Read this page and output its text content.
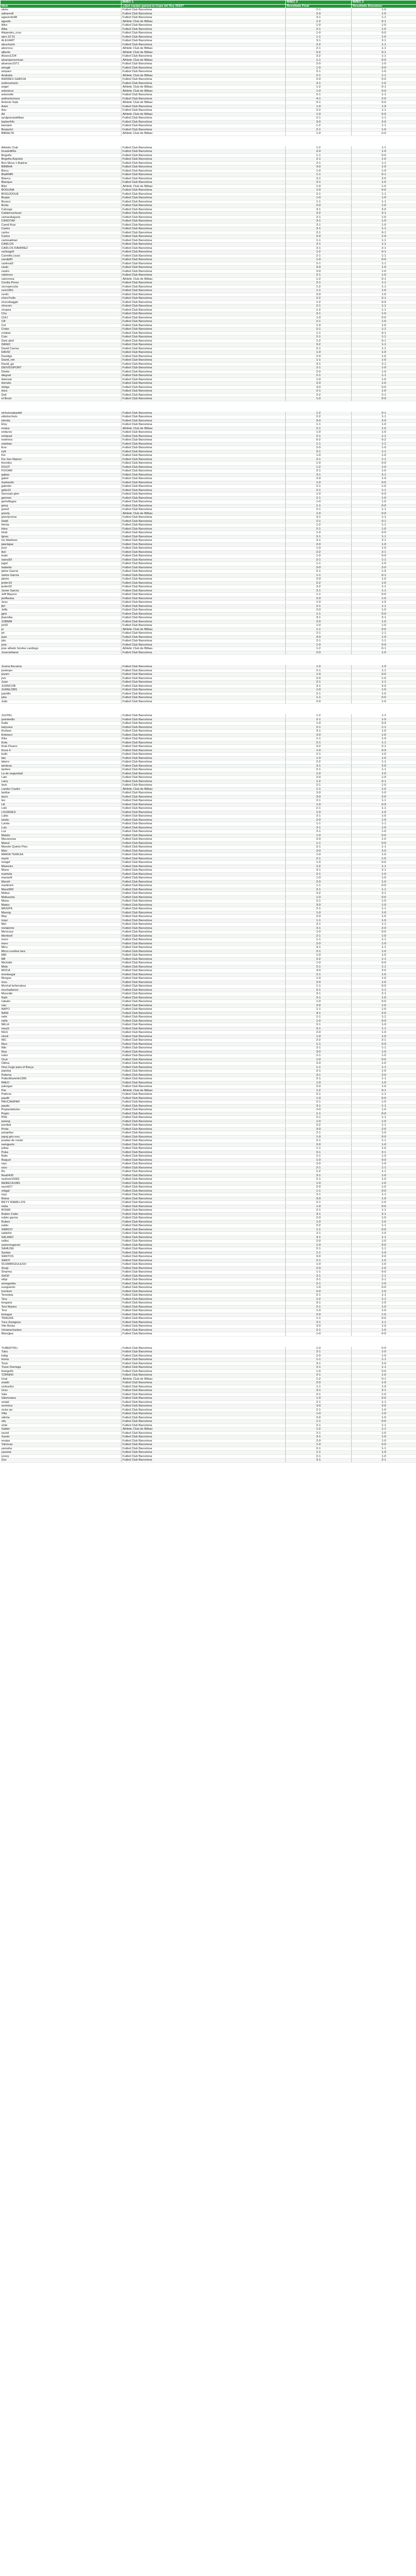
	ВИЕС 1	ВИЕС 2	ВИЕС 3
Nick	¿Qué equipo ganará la Copa del Rey 2023?	Resultado Final	Resultado Descanso
aleks	Futbol Club Barcelona	2-1	1-0
adrianroll	Futbol Club Barcelona	2-0	1-0
agaverde98	Futbol Club Barcelona	3-1	1-1
agusdc	Athletic Club de Bilbao	1-2	0-1
Aitor	Futbol Club Barcelona	1-0	1-0
Alba	Futbol Club Barcelona	2-1	1-0
Alejandro_cruz	Futbol Club Barcelona	1-0	0-0
alex 22 01	Futbol Club Barcelona	1-1	1-0
ALEXART	Futbol Club Barcelona	3-1	2-1
alexcharlo	Futbol Club Barcelona	2-2	1-1
alexroca	Athletic Club de Bilbao	2-1	1-1
alberto	Athletic Club de Bilbao	0-2	0-1
Alvaro1234	Futbol Club Barcelona	3-2	1-1
alvaroperezrivas	Athletic Club de Bilbao	1-1	0-0
alvaross1971	Futbol Club Barcelona	2-0	1-0
amagit	Futbol Club Barcelona	1-0	0-0
amparo	Futbol Club Barcelona	2-1	1-0
Andreita	Athletic Club de Bilbao	2-1	1-1
ANDRES GARCIA	Futbol Club Barcelona	2-0	0-0
andreumarin	Futbol Club Barcelona	3-1	1-0
angel	Athletic Club de Bilbao	1-2	0-1
antoniros	Athletic Club de Bilbao	1-0	0-0
antonolle	Futbol Club Barcelona	2-1	1-1
anthonioroura	Futbol Club Barcelona	4-1	2-0
Antonio Sala	Athletic Club de Bilbao	0-1	0-0
Asier	Futbol Club Barcelona	1-0	1-0
Asu	Futbol Club Barcelona	2-2	1-1
Ati	Athletic Club de Bilbao	1-0	0-0
azulgranasbilbao	Futbol Club Barcelona	2-1	1-1
barber94c	Futbol Club Barcelona	3-0	2-0
bemarin	Futbol Club Barcelona	1-2	1-1
Berjavint	Futbol Club Barcelona	2-1	1-0
BIBIALTK	Athletic Club de Bilbao	1-0	0-0

Athletic Club	Futbol Club Barcelona	1-2	1-1
bcastell66s	Futbol Club Barcelona	2-0	1-0
Begoña	Futbol Club Barcelona	1-1	0-0
Begoña Asprizio	Futbol Club Barcelona	2-1	1-0
Ben Mous x Bakirar	Futbol Club Barcelona	2-1	1-1
BIRBHA	Futbol Club Barcelona	3-0	1-0
Biscu	Futbol Club Barcelona	1-0	1-0
BlaiRMR	Futbol Club Barcelona	1-1	0-1
Blanca	Futbol Club Barcelona	3-1	2-0
Blanque	Futbol Club Barcelona	2-1	1-0
Blisi	Athletic Club de Bilbao	1-0	1-0
BOGUNA	Futbol Club Barcelona	1-0	0-0
BOGUDOUE	Futbol Club Barcelona	2-1	1-1
Borjas	Futbol Club Barcelona	1-0	1-0
Bryace	Futbol Club Barcelona	1-1	1-1
Burta	Futbol Club Barcelona	2-0	1-0
Calvoga	Futbol Club Barcelona	3-1	2-0
Calabrouchuan	Futbol Club Barcelona	2-2	2-1
camaralaguna	Futbol Club Barcelona	2-1	1-0
CANOTAF	Futbol Club Barcelona	3-1	1-0
Camil Ruiz	Futbol Club Barcelona	2-1	1-0
Carles	Futbol Club Barcelona	3-1	1-1
carlos	Futbol Club Barcelona	2-1	0-1
Carlos	Futbol Club Barcelona	2-0	1-0
carlosadrian	Futbol Club Barcelona	1-1	1-1
CARLOS	Futbol Club Barcelona	2-1	1-1
CARLOS RAMIREZ	Futbol Club Barcelona	3-1	2-1
carlosgall	Futbol Club Barcelona	1-2	0-1
Carmiña (sue)	Futbol Club Barcelona	2-1	1-1
carolp82	Futbol Club Barcelona	1-0	0-0
castroal2	Futbol Club Barcelona	2-1	1-1
casto	Futbol Club Barcelona	3-0	1-0
castro	Futbol Club Barcelona	2-0	1-0
cakmoro	Futbol Club Barcelona	2-1	1-0
catcoresa	Athletic Club de Bilbao	1-2	0-1
Cecilia Perez	Futbol Club Barcelona	2-1	1-1
cecropeculia	Futbol Club Barcelona	1-2	1-1
cem1951	Futbol Club Barcelona	1-1	1-0
cenfo	Futbol Club Barcelona	2-0	1-0
chico7rollo	Futbol Club Barcelona	2-2	2-1
chocobaggio	Futbol Club Barcelona	1-2	0-0
chocom	Futbol Club Barcelona	2-1	1-1
chupea	Futbol Club Barcelona	1-2	1-1
Chu	Futbol Club Barcelona	3-1	1-0
CHU	Futbol Club Barcelona	1-0	0-0
Cill	Futbol Club Barcelona	2-1	1-0
Col	Futbol Club Barcelona	1-0	1-0
Cristo	Futbol Club Barcelona	2-1	1-1
cristian	Futbol Club Barcelona	1-1	0-1
Cuis	Futbol Club Barcelona	2-1	1-1
Dani abril	Futbol Club Barcelona	1-2	0-1
DANIC	Futbol Club Barcelona	3-2	1-1
David Carrea	Futbol Club Barcelona	2-1	1-1
DAVID	Futbol Club Barcelona	1-0	1-0
Davidgs	Futbol Club Barcelona	2-0	1-0
David_nm	Futbol Club Barcelona	1-1	1-0
David_ga	Futbol Club Barcelona	3-1	2-1
DEIVIDSPORT	Futbol Club Barcelona	2-1	1-0
Dinike	Futbol Club Barcelona	2-0	1-0
diegoal	Futbol Club Barcelona	2-1	1-1
dolorsal	Futbol Club Barcelona	1-0	1-0
domolo	Futbol Club Barcelona	2-0	1-0
dotiga	Futbol Club Barcelona	3-0	0-0
dura	Futbol Club Barcelona	2-1	1-0
Dalí	Futbol Club Barcelona	2-2	2-1
el Brost	Futbol Club Barcelona	1-0	0-0

elchulosabadell	Futbol Club Barcelona	1-2	0-1
eldolorchulo	Futbol Club Barcelona	2-2	1-1
elenita	Futbol Club Barcelona	3-0	2-0
Eloy	Futbol Club Barcelona	1-1	1-0
enana	Athletic Club de Bilbao	2-1	1-0
enduros	Futbol Club Barcelona	1-0	1-0
enriquet	Futbol Club Barcelona	2-1	1-1
esdrrera	Futbol Club Barcelona	0-2	0-2
esteban	Futbol Club Barcelona	1-1	1-1
Eva	Futbol Club Barcelona	2-0	1-0
eyfr	Futbol Club Barcelona	3-1	1-1
Fer	Futbol Club Barcelona	1-0	1-0
Fer Ger Marion	Futbol Club Barcelona	2-1	1-1
fiverdes	Futbol Club Barcelona	1-0	0-0
FIXOT	Futbol Club Barcelona	1-2	1-0
FIXOAR	Futbol Club Barcelona	2-1	1-0
gabas	Futbol Club Barcelona	3-1	2-1
galiot	Futbol Club Barcelona	2-0	1-0
Garbardo	Futbol Club Barcelona	1-0	0-0
gatorbo	Futbol Club Barcelona	2-1	1-0
gelis10	Futbol Club Barcelona	2-1	1-1
Gerozab glon	Futbol Club Barcelona	1-0	0-0
germon	Futbol Club Barcelona	2-1	1-0
gertvillagos	Futbol Club Barcelona	1-0	1-0
gmoj	Futbol Club Barcelona	1-1	0-0
grand	Futbol Club Barcelona	2-1	1-1
grizzly	Athletic Club de Bilbao	1-0	0-0
grizzlyroma	Futbol Club Barcelona	3-1	1-1
Haidi	Futbol Club Barcelona	2-1	0-1
Hecta	Futbol Club Barcelona	1-2	1-1
Hina	Futbol Club Barcelona	2-1	1-0
Hrdz	Futbol Club Barcelona	1-0	0-0
Ignac	Futbol Club Barcelona	2-1	1-1
Ivo Martinez	Futbol Club Barcelona	3-1	2-1
jaiartajae	Futbol Club Barcelona	2-0	1-0
jrvyr	Futbol Club Barcelona	1-0	1-0
Iker	Futbol Club Barcelona	2-2	2-1
Inaki	Futbol Club Barcelona	1-0	0-0
iuana93	Futbol Club Barcelona	2-1	1-1
jugal	Futbol Club Barcelona	1-1	1-0
Isabelor	Futbol Club Barcelona	3-0	2-0
jaime Garcia	Futbol Club Barcelona	2-1	1-0
Jaime Garcia	Futbol Club Barcelona	1-1	0-1
jaimio	Futbol Club Barcelona	2-0	1-0
jesfer10	Futbol Club Barcelona	2-2	1-0
jesfer02	Futbol Club Barcelona	3-2	1-1
Javier Garcia	Futbol Club Barcelona	2-1	1-1
Jeff Mayore	Futbol Club Barcelona	1-1	0-0
jeeffanisa	Futbol Club Barcelona	2-0	1-0
Jesu	Futbol Club Barcelona	1-0	1-0
jfel	Futbol Club Barcelona	2-1	1-1
Jeffy	Futbol Club Barcelona	2-0	1-0
jgrio	Futbol Club Barcelona	1-1	0-0
jhaenitia	Futbol Club Barcelona	3-1	2-1
JOBMM	Futbol Club Barcelona	2-0	1-0
jnr02	Futbol Club Barcelona	1-0	1-0
jo	Athletic Club de Bilbao	1-1	0-0
jot	Futbol Club Barcelona	2-1	1-1
joan	Futbol Club Barcelona	3-0	1-0
jolu	Futbol Club Barcelona	2-1	1-1
jose	Futbol Club Barcelona	1-0	0-0
jose athetic fondos cardiogo	Athletic Club de Bilbao	1-2	0-1
Joseciellanst	Futbol Club Barcelona	2-0	1-0

Josina Becama	Futbol Club Barcelona	1-0	1-0
joselopo	Futbol Club Barcelona	2-1	1-1
joyam	Futbol Club Barcelona	1-0	0-0
jrev	Futbol Club Barcelona	2-0	1-0
Juan	Futbol Club Barcelona	2-1	1-1
JUANCOB	Futbol Club Barcelona	3-1	2-0
JUANLOBS	Futbol Club Barcelona	1-0	1-0
juanillo	Futbol Club Barcelona	2-1	1-0
julia	Futbol Club Barcelona	1-1	0-0
Julio	Futbol Club Barcelona	2-0	1-0

JULPEL	Futbol Club Barcelona	1-2	1-1
justoteello	Futbol Club Barcelona	2-1	1-0
Kalla	Futbol Club Barcelona	1-0	0-0
katyvara	Futbol Club Barcelona	2-1	1-1
Kerlaso	Futbol Club Barcelona	3-1	1-0
Kirkmerr	Futbol Club Barcelona	2-0	1-0
Kike	Futbol Club Barcelona	1-1	1-0
Kote	Futbol Club Barcelona	2-1	1-1
Kote Pisano	Futbol Club Barcelona	3-2	2-1
Kova 4	Futbol Club Barcelona	1-0	0-0
kuiki	Futbol Club Barcelona	2-1	1-0
lais	Futbol Club Barcelona	1-0	1-0
lakers	Futbol Club Barcelona	2-2	1-1
lambras	Futbol Club Barcelona	3-1	2-0
lanfere	Futbol Club Barcelona	2-1	1-1
La de seguridad	Futbol Club Barcelona	1-0	1-0
Lalo	Futbol Club Barcelona	2-0	1-0
Larry	Futbol Club Barcelona	1-2	0-1
lavic	Futbol Club Barcelona	2-1	1-0
Lander Castro	Athletic Club de Bilbao	1-1	1-0
lasifue	Futbol Club Barcelona	2-0	1-0
lauro	Futbol Club Barcelona	3-0	2-0
leo	Futbol Club Barcelona	2-1	1-1
Lili	Futbol Club Barcelona	1-0	0-0
Lolo	Futbol Club Barcelona	2-1	1-1
LOURDES	Futbol Club Barcelona	1-0	1-0
Lukis	Futbol Club Barcelona	2-1	1-0
luisito	Futbol Club Barcelona	2-0	1-0
Lunita	Futbol Club Barcelona	1-1	1-1
Luis	Futbol Club Barcelona	3-1	1-0
Luz	Futbol Club Barcelona	2-1	1-0
Malulo	Futbol Club Barcelona	1-0	0-0
Macarenas	Futbol Club Barcelona	2-0	1-0
Manul	Futbol Club Barcelona	1-1	0-0
Manolo Quinto Pino	Futbol Club Barcelona	2-1	1-1
Mari	Futbol Club Barcelona	3-0	2-0
MARIA TERESA	Futbol Club Barcelona	1-0	1-0
marin	Futbol Club Barcelona	2-1	1-0
meigel	Futbol Club Barcelona	1-0	0-0
Mameiro	Futbol Club Barcelona	2-2	1-1
Mana	Futbol Club Barcelona	3-1	2-1
marbela	Futbol Club Barcelona	2-1	1-0
marsarfi	Futbol Club Barcelona	1-0	1-0
MarsH	Futbol Club Barcelona	2-0	1-0
martinich	Futbol Club Barcelona	1-1	0-0
Marsi900	Futbol Club Barcelona	2-1	1-1
Mafua	Futbol Club Barcelona	3-2	2-1
Mafuaorta	Futbol Club Barcelona	1-0	0-0
Mana	Futbol Club Barcelona	2-1	1-0
Matoo	Futbol Club Barcelona	3-0	1-0
MAXIPIL	Futbol Club Barcelona	2-1	1-1
Maxxig	Futbol Club Barcelona	1-0	1-0
May	Futbol Club Barcelona	2-0	1-0
mayi	Futbol Club Barcelona	1-1	1-0
Mel	Futbol Club Barcelona	2-1	1-1
melaleme	Futbol Club Barcelona	3-1	2-0
Mericous	Futbol Club Barcelona	1-0	0-0
Meritxell	Futbol Club Barcelona	2-1	1-0
mero	Futbol Club Barcelona	1-1	1-1
merv	Futbol Club Barcelona	2-0	1-0
Micu	Futbol Club Barcelona	3-1	1-1
Micro cumbre lara	Futbol Club Barcelona	2-1	1-0
MIK	Futbol Club Barcelona	1-0	1-0
Mfl	Futbol Club Barcelona	2-2	1-1
Michelle	Futbol Club Barcelona	1-0	0-0
Mido	Futbol Club Barcelona	2-1	1-1
MOCA	Futbol Club Barcelona	3-0	2-0
montsegar	Futbol Club Barcelona	2-1	1-0
Morgus	Futbol Club Barcelona	1-0	1-0
mou	Futbol Club Barcelona	2-0	1-0
Mvchaf lorferrabos	Futbol Club Barcelona	1-1	0-0
muchadanso	Futbol Club Barcelona	2-1	1-1
Muncidn	Futbol Club Barcelona	3-1	2-1
Nahi	Futbol Club Barcelona	2-1	1-0
nakato	Futbol Club Barcelona	1-0	0-0
nan	Futbol Club Barcelona	2-0	1-0
NAPO	Futbol Club Barcelona	1-1	1-0
NANI	Futbol Club Barcelona	4-1	2-0
nefa	Futbol Club Barcelona	2-1	1-1
nefis	Futbol Club Barcelona	1-0	0-0
NELA	Futbol Club Barcelona	2-1	1-0
neuck	Futbol Club Barcelona	3-1	1-1
NGS	Futbol Club Barcelona	2-0	1-0
ninok	Futbol Club Barcelona	1-0	1-0
NIC	Futbol Club Barcelona	2-2	2-1
Nico	Futbol Club Barcelona	1-1	0-0
Nilo	Futbol Club Barcelona	2-1	1-1
Noa	Futbol Club Barcelona	3-0	1-0
nolor	Futbol Club Barcelona	2-1	1-0
Ocut	Futbol Club Barcelona	1-0	0-0
Odina	Futbol Club Barcelona	2-0	1-0
Ona Coge para el Barça	Futbol Club Barcelona	1-1	1-1
paioloq	Futbol Club Barcelona	2-1	1-0
Paloma	Futbol Club Barcelona	3-1	2-0
PatboMartehk1995	Futbol Club Barcelona	2-1	1-1
PAKO	Futbol Club Barcelona	1-0	1-0
pakogaz	Futbol Club Barcelona	2-0	1-0
Pat	Athletic Club de Bilbao	1-2	0-1
Patricia	Futbol Club Barcelona	2-1	1-1
paudk	Futbol Club Barcelona	1-0	0-0
PAUCAMPAR	Futbol Club Barcelona	2-1	1-0
paudo	Futbol Club Barcelona	3-1	1-1
Pepiandeloleo	Futbol Club Barcelona	2-0	1-0
Pepín	Futbol Club Barcelona	1-1	0-0
PKE	Futbol Club Barcelona	2-1	1-1
poisog	Futbol Club Barcelona	1-0	1-0
pombal	Futbol Club Barcelona	2-2	1-1
Porta	Futbol Club Barcelona	3-0	2-0
porqellus	Futbol Club Barcelona	2-1	1-0
pqraj grin nou	Futbol Club Barcelona	1-0	0-0
pradas de ronde	Futbol Club Barcelona	2-1	1-1
ramiguelo	Futbol Club Barcelona	2-0	1-0
pritaz	Futbol Club Barcelona	1-1	1-0
Puka	Futbol Club Barcelona	3-1	2-1
Rafa	Futbol Club Barcelona	2-1	1-0
Raquel	Futbol Club Barcelona	1-0	0-0
rayc	Futbol Club Barcelona	2-0	1-0
ravo	Futbol Club Barcelona	2-1	1-1
Ru	Futbol Club Barcelona	1-2	1-1
Rea0430	Futbol Club Barcelona	3-1	1-0
rauhom10001	Futbol Club Barcelona	2-1	1-0
REBECA1981	Futbol Club Barcelona	1-0	1-0
rauvid17	Futbol Club Barcelona	2-0	1-0
rebgal	Futbol Club Barcelona	1-1	0-0
reyy	Futbol Club Barcelona	2-1	1-1
Reina	Futbol Club Barcelona	3-0	1-0
REYY RAMILLOS	Futbol Club Barcelona	2-1	1-0
rieba	Futbol Club Barcelona	1-0	0-0
RONIK	Futbol Club Barcelona	2-1	1-1
Rubén Cabo	Futbol Club Barcelona	3-1	2-1
rubén garcia	Futbol Club Barcelona	2-0	1-0
Ruben	Futbol Club Barcelona	1-0	1-0
sabiu	Futbol Club Barcelona	2-2	1-1
SABICO	Futbol Club Barcelona	1-1	0-0
sabinhe	Futbol Club Barcelona	2-1	1-0
SALANO	Futbol Club Barcelona	3-1	1-1
salloc	Futbol Club Barcelona	2-0	1-0
samerosgoran	Futbol Club Barcelona	1-0	0-0
SAMUSE	Futbol Club Barcelona	2-1	1-1
Santas	Futbol Club Barcelona	1-1	1-0
SANTOS	Futbol Club Barcelona	3-0	2-0
SANTI	Futbol Club Barcelona	2-1	1-0
SCHMIRGIULESO	Futbol Club Barcelona	1-0	1-0
Sergi	Futbol Club Barcelona	2-0	1-0
Sharma	Futbol Club Barcelona	1-1	0-0
SHOF	Futbol Club Barcelona	2-1	1-1
sitipi	Futbol Club Barcelona	3-1	2-1
sixmgarbia	Futbol Club Barcelona	2-1	1-0
suegulerto	Futbol Club Barcelona	1-0	0-0
tcentren	Futbol Club Barcelona	2-0	1-0
Teresitas	Futbol Club Barcelona	2-1	1-1
Tina	Futbol Club Barcelona	1-2	1-1
tengaria	Futbol Club Barcelona	3-1	1-0
Toni Marino	Futbol Club Barcelona	2-1	1-0
Toni	Futbol Club Barcelona	1-0	1-0
tortugas	Futbol Club Barcelona	2-0	1-0
TRAUDE	Futbol Club Barcelona	1-1	0-0
Tura Zaragoza	Futbol Club Barcelona	2-1	1-1
Vito Bosta	Futbol Club Barcelona	3-0	1-0
Umatrachantes	Futbol Club Barcelona	2-1	1-0
Manvjjaa	Futbol Club Barcelona	1-0	0-0

TUBERTRU	Futbol Club Barcelona	1-0	0-0
Tuku	Futbol Club Barcelona	2-1	1-0
tuttig	Futbol Club Barcelona	2-0	1-0
torina	Futbol Club Barcelona	1-1	1-1
Toxic	Futbol Club Barcelona	3-1	2-0
Trave Domega	Futbol Club Barcelona	2-1	1-1
triangullo	Futbol Club Barcelona	1-0	0-0
TZRNKR	Futbol Club Barcelona	2-1	1-0
Unai	Athletic Club de Bilbao	1-2	0-1
unaiki	Futbol Club Barcelona	2-0	1-0
urokuribo	Futbol Club Barcelona	1-1	1-0
Urso	Futbol Club Barcelona	3-1	2-1
Vale	Futbol Club Barcelona	2-1	1-0
Valenciana	Futbol Club Barcelona	1-0	0-0
veladi	Futbol Club Barcelona	2-1	1-1
verónica	Futbol Club Barcelona	3-0	2-0
victor pe	Futbol Club Barcelona	2-1	1-0
Villa	Futbol Club Barcelona	1-0	1-0
vilinhe	Futbol Club Barcelona	2-0	1-0
vila	Futbol Club Barcelona	1-1	0-0
viole	Futbol Club Barcelona	2-1	1-1
Xabier	Athletic Club de Bilbao	1-2	1-1
xaviol	Futbol Club Barcelona	2-1	1-0
Xavier	Futbol Club Barcelona	3-1	1-0
xoxipa	Futbol Club Barcelona	2-0	1-0
Yalorvas	Futbol Club Barcelona	1-0	0-0
yamaha	Futbol Club Barcelona	2-1	1-1
yassine	Futbol Club Barcelona	1-1	1-0
yosoy	Futbol Club Barcelona	2-1	1-0
Zoe	Futbol Club Barcelona	3-1	2-1
